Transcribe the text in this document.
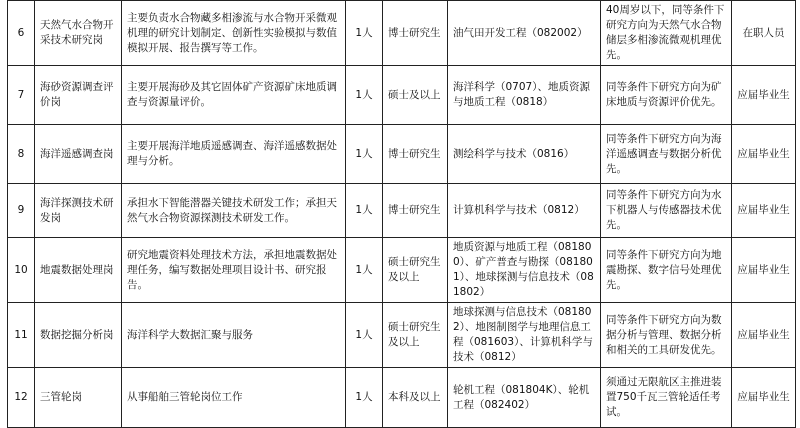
6	天然气水合物开采技术研究岗	主要负责水合物藏多相渗流与水合物开采微观机理的研究计划制定、创新性实验模拟与数值模拟开展、报告撰写等工作。	1人	博士研究生	油气田开发工程（082002）	40周岁以下，同等条件下研究方向为天然气水合物储层多相渗流微观机理优先。	在职人员
7	海砂资源调查评价岗	主要开展海砂及其它固体矿产资源矿床地质调查与资源量评价。	1人	硕士及以上	海洋科学（0707）、地质资源与地质工程（0818）	同等条件下研究方向为矿床地质与资源评价优先。	应届毕业生
8	海洋遥感调查岗	主要开展海洋地质遥感调查、海洋遥感数据处理与分析。	1人	博士研究生	测绘科学与技术（0816）	同等条件下研究方向为海洋遥感调查与数据分析优先。	应届毕业生
9	海洋探测技术研发岗	承担水下智能潜器关键技术研发工作；承担天然气水合物资源探测技术研发工作。	1人	博士研究生	计算机科学与技术（0812）	同等条件下研究方向为水下机器人与传感器技术优先。	应届毕业生
10	地震数据处理岗	研究地震资料处理技术方法，承担地震数据处理任务，编写数据处理项目设计书、研究报告。	1人	硕士研究生及以上	地质资源与地质工程（081800）、矿产普查与勘探（081801）、地球探测与信息技术（081802）	同等条件下研究方向为地震勘探、数字信号处理优先。	应届毕业生
11	数据挖掘分析岗	海洋科学大数据汇聚与服务	1人	硕士研究生及以上	地球探测与信息技术（081802）、地图制图学与地理信息工程（081603）、计算机科学与技术（0812）	同等条件下研究方向为数据分析与管理、数据分析和相关的工具研发优先。	应届毕业生
12	三管轮岗	从事船舶三管轮岗位工作	1人	本科及以上	轮机工程（081804K）、轮机工程（082402）	须通过无限航区主推进装置750千瓦三管轮适任考试。	应届毕业生
